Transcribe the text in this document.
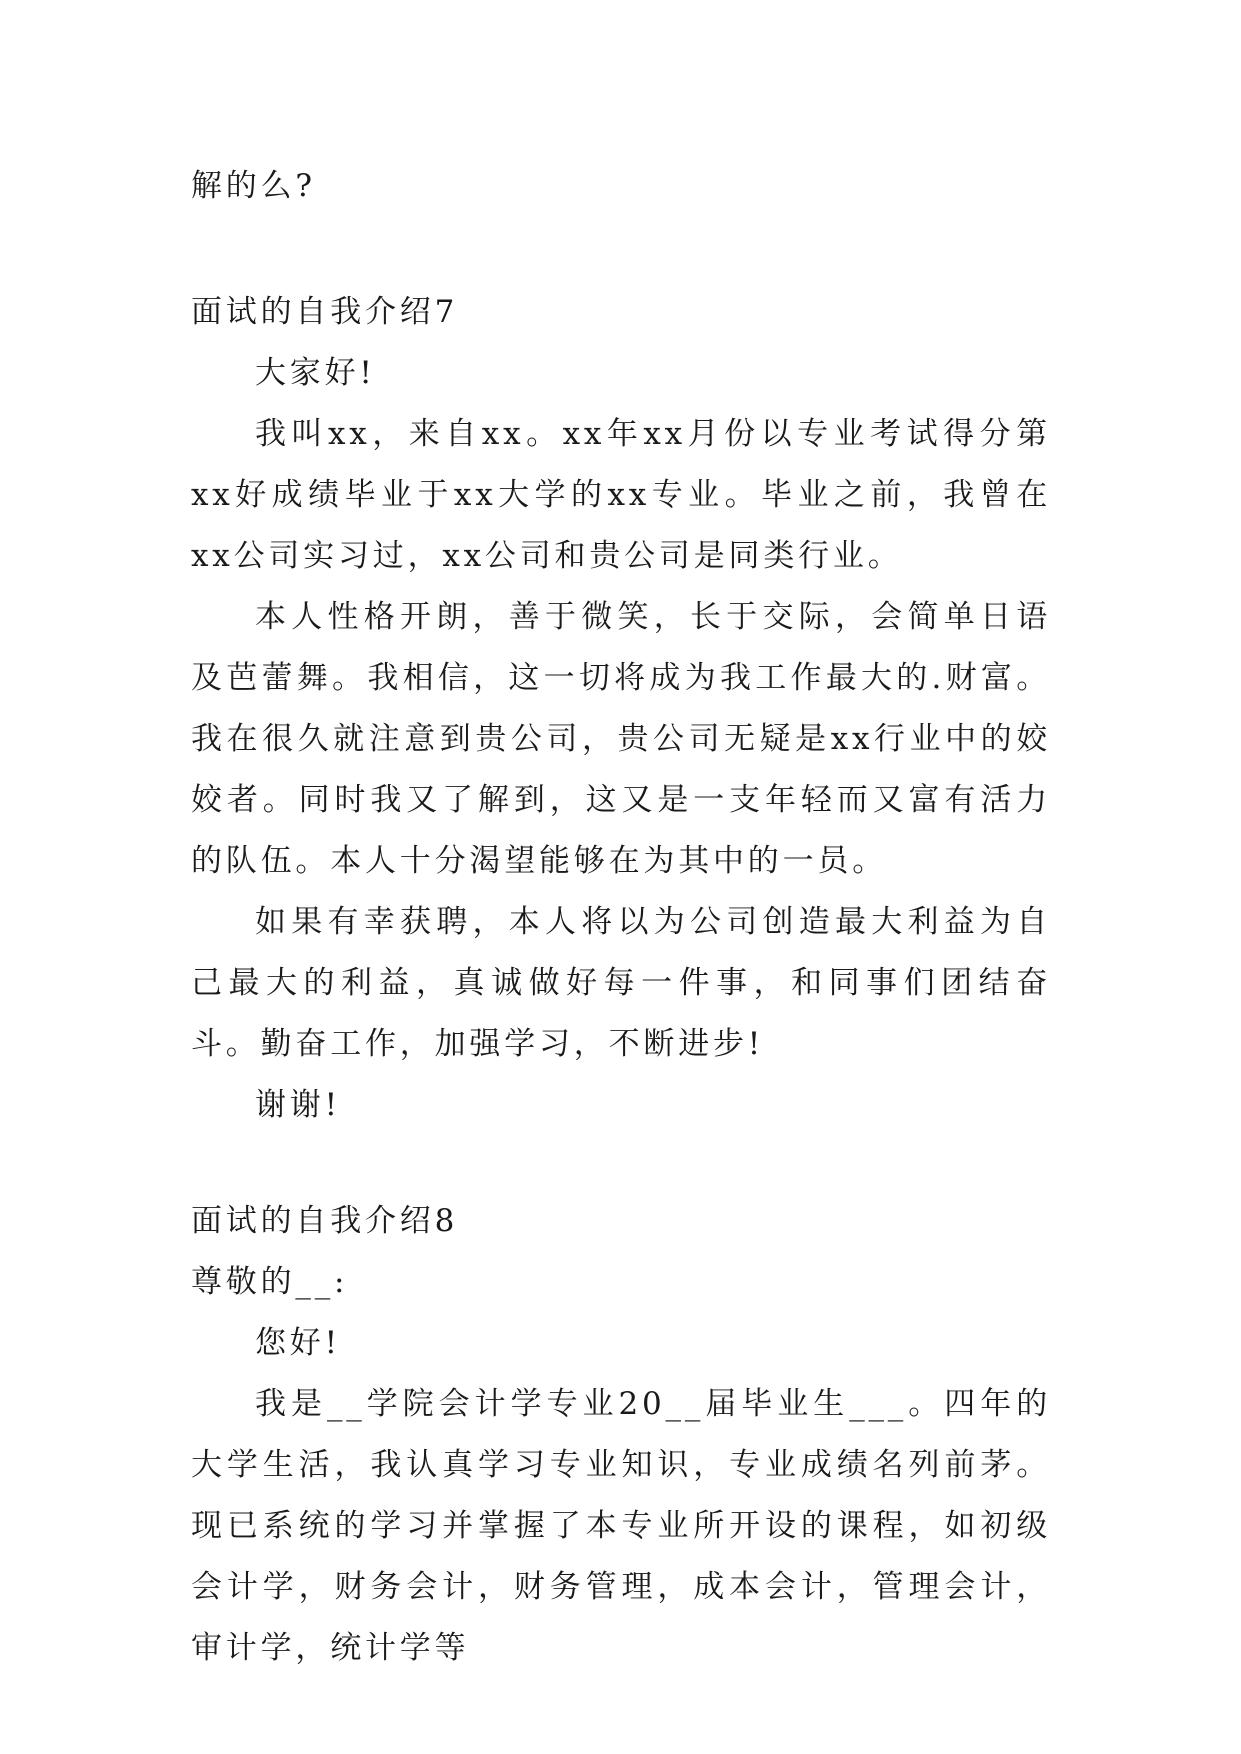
解的么?
面试的自我介绍7
大家好!
我叫xx，来自xx。xx年xx月份以专业考试得分第xx好成绩毕业于xx大学的xx专业。毕业之前，我曾在xx公司实习过，xx公司和贵公司是同类行业。
本人性格开朗，善于微笑，长于交际，会简单日语及芭蕾舞。我相信，这一切将成为我工作最大的.财富。我在很久就注意到贵公司，贵公司无疑是xx行业中的姣姣者。同时我又了解到，这又是一支年轻而又富有活力的队伍。本人十分渴望能够在为其中的一员。
如果有幸获聘，本人将以为公司创造最大利益为自己最大的利益，真诚做好每一件事，和同事们团结奋斗。勤奋工作，加强学习，不断进步!
谢谢!
面试的自我介绍8
尊敬的__:
您好!
我是__学院会计学专业20__届毕业生___。四年的大学生活，我认真学习专业知识，专业成绩名列前茅。现已系统的学习并掌握了本专业所开设的课程，如初级会计学，财务会计，财务管理，成本会计，管理会计，审计学，统计学等
